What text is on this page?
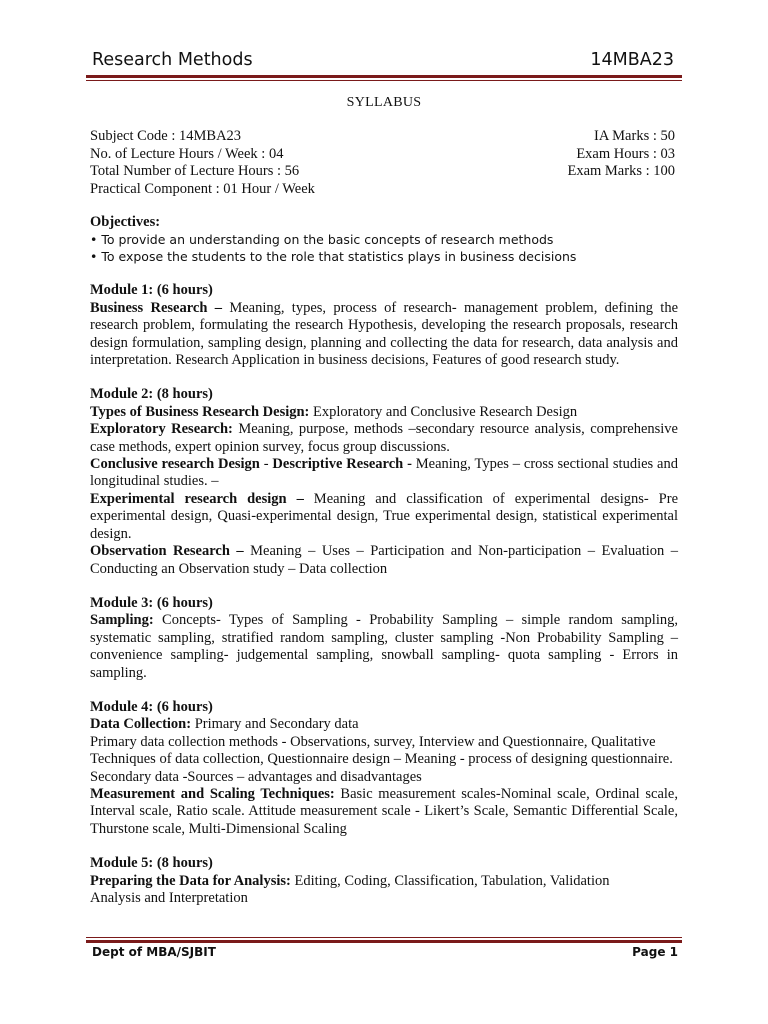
Research Methods	14MBA23
SYLLABUS
Subject Code : 14MBA23
No. of Lecture Hours / Week : 04
Total Number of Lecture Hours : 56
Practical Component : 01 Hour / Week
IA Marks : 50
Exam Hours : 03
Exam Marks : 100

Objectives:

• To provide an understanding on the basic concepts of research methods
• To expose the students to the role that statistics plays in business decisions

Module 1: (6 hours)

Business Research – Meaning, types, process of research- management problem, defining the research problem, formulating the research Hypothesis, developing the research proposals, research design formulation, sampling design, planning and collecting the data for research, data analysis and interpretation. Research Application in business decisions, Features of good research study.

Module 2: (8 hours)

Types of Business Research Design: Exploratory and Conclusive Research Design

Exploratory Research: Meaning, purpose, methods –secondary resource analysis, comprehensive case methods, expert opinion survey, focus group discussions.

Conclusive research Design - Descriptive Research - Meaning, Types – cross sectional studies and longitudinal studies. –

Experimental research design – Meaning and classification of experimental designs- Pre experimental design, Quasi-experimental design, True experimental design, statistical experimental design.

Observation Research – Meaning – Uses – Participation and Non-participation – Evaluation – Conducting an Observation study – Data collection

Module 3: (6 hours)

Sampling: Concepts- Types of Sampling - Probability Sampling – simple random sampling, systematic sampling, stratified random sampling, cluster sampling -Non Probability Sampling – convenience sampling- judgemental sampling, snowball sampling- quota sampling - Errors in sampling.

Module 4: (6 hours)

Data Collection: Primary and Secondary data

Primary data collection methods - Observations, survey, Interview and Questionnaire, Qualitative Techniques of data collection, Questionnaire design – Meaning - process of designing questionnaire.

Secondary data -Sources – advantages and disadvantages

Measurement and Scaling Techniques: Basic measurement scales-Nominal scale, Ordinal scale, Interval scale, Ratio scale. Attitude measurement scale - Likert’s Scale, Semantic Differential Scale, Thurstone scale, Multi-Dimensional Scaling

Module 5: (8 hours)

Preparing the Data for Analysis: Editing, Coding, Classification, Tabulation, Validation

Analysis and Interpretation

Dept of MBA/SJBIT	Page 1
